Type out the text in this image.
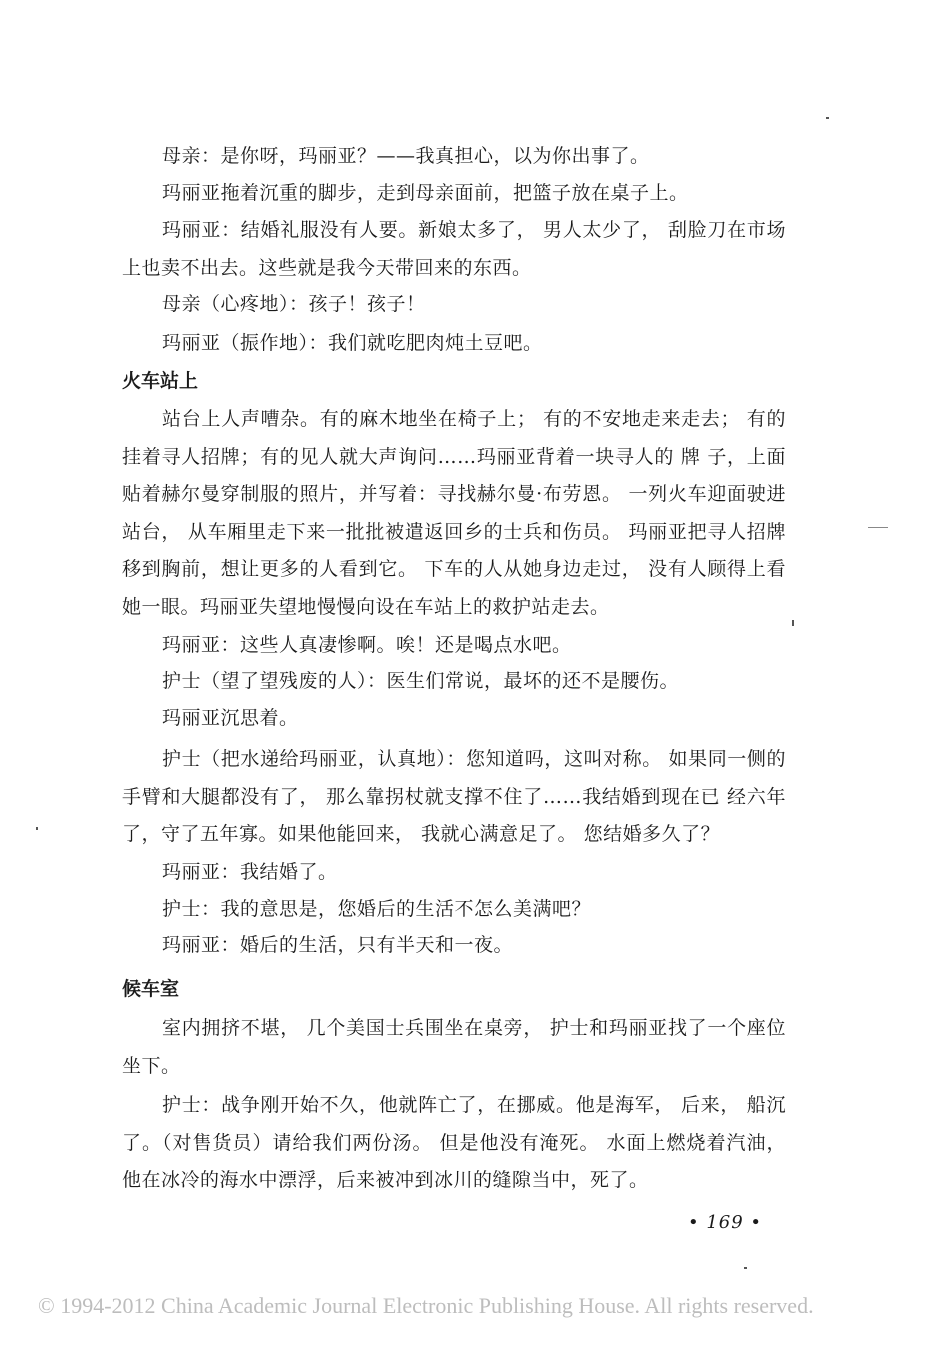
母亲：是你呀，玛丽亚？——我真担心，以为你出事了。

玛丽亚拖着沉重的脚步，走到母亲面前，把篮子放在桌子上。

玛丽亚：结婚礼服没有人要。新娘太多了， 男人太少了， 刮脸刀在市场上也卖不出去。这些就是我今天带回来的东西。

母亲（心疼地）：孩子！孩子！

玛丽亚（振作地）：我们就吃肥肉炖土豆吧。

火车站上

站台上人声嘈杂。有的麻木地坐在椅子上； 有的不安地走来走去； 有的挂着寻人招牌；有的见人就大声询问……玛丽亚背着一块寻人的 牌 子，上面贴着赫尔曼穿制服的照片，并写着：寻找赫尔曼·布劳恩。 一列火车迎面驶进站台， 从车厢里走下来一批批被遣返回乡的士兵和伤员。 玛丽亚把寻人招牌移到胸前，想让更多的人看到它。 下车的人从她身边走过， 没有人顾得上看她一眼。玛丽亚失望地慢慢向设在车站上的救护站走去。

玛丽亚：这些人真凄惨啊。唉！还是喝点水吧。

护士（望了望残废的人）：医生们常说，最坏的还不是腰伤。

玛丽亚沉思着。

护士（把水递给玛丽亚，认真地）：您知道吗，这叫对称。 如果同一侧的手臂和大腿都没有了， 那么靠拐杖就支撑不住了……我结婚到现在已 经六年了，守了五年寡。如果他能回来， 我就心满意足了。 您结婚多久了？

玛丽亚：我结婚了。

护士：我的意思是，您婚后的生活不怎么美满吧？

玛丽亚：婚后的生活，只有半天和一夜。

候车室

室内拥挤不堪， 几个美国士兵围坐在桌旁， 护士和玛丽亚找了一个座位坐下。

护士：战争刚开始不久，他就阵亡了，在挪威。他是海军， 后来， 船沉了。（对售货员）请给我们两份汤。 但是他没有淹死。 水面上燃烧着汽油，他在冰冷的海水中漂浮，后来被冲到冰川的缝隙当中，死了。

• 169 •
© 1994-2012 China Academic Journal Electronic Publishing House. All rights reserved.
